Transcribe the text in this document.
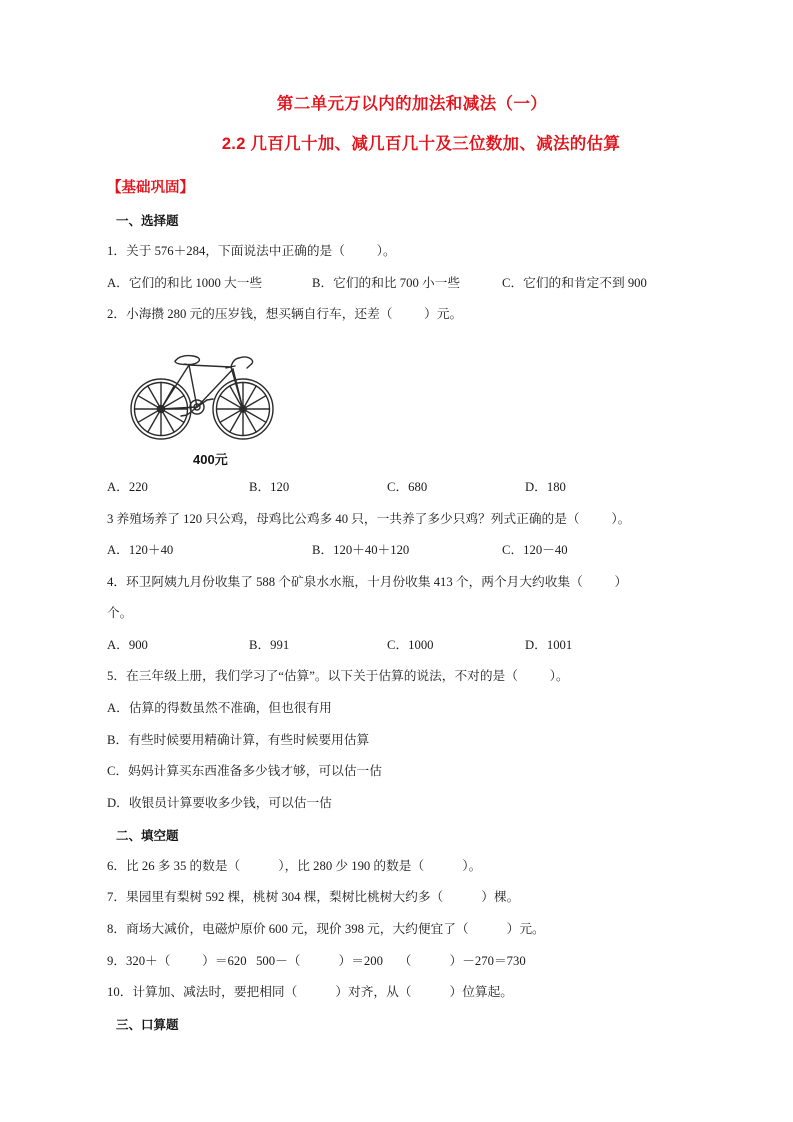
第二单元万以内的加法和减法（一）
2.2 几百几十加、减几百几十及三位数加、减法的估算
【基础巩固】
一、选择题

1．关于 576＋284，下面说法中正确的是（          ）。

A．它们的和比 1000 大一些	B．它们的和比 700 小一些	C．它们的和肯定不到 900

2．小海攒 280 元的压岁钱，想买辆自行车，还差（          ）元。

400元
A．220	B．120	C．680	D．180

3 养殖场养了 120 只公鸡，母鸡比公鸡多 40 只，一共养了多少只鸡？列式正确的是（          ）。

A．120＋40	B．120＋40＋120	C．120－40

4．环卫阿姨九月份收集了 588 个矿泉水水瓶，十月份收集 413 个，两个月大约收集（          ）

个。

A．900	B．991	C．1000	D．1001

5．在三年级上册，我们学习了“估算”。以下关于估算的说法，不对的是（          ）。

A．估算的得数虽然不准确，但也很有用
B．有些时候要用精确计算，有些时候要用估算
C．妈妈计算买东西准备多少钱才够，可以估一估
D．收银员计算要收多少钱，可以估一估
二、填空题

6．比 26 多 35 的数是（            ），比 280 少 190 的数是（            ）。

7．果园里有梨树 592 棵，桃树 304 棵，梨树比桃树大约多（            ）棵。

8．商场大减价，电磁炉原价 600 元，现价 398 元，大约便宜了（            ）元。

9．320＋（          ）＝620   500－（            ）＝200     （            ）－270＝730

10．计算加、减法时，要把相同（            ）对齐，从（            ）位算起。

三、口算题
